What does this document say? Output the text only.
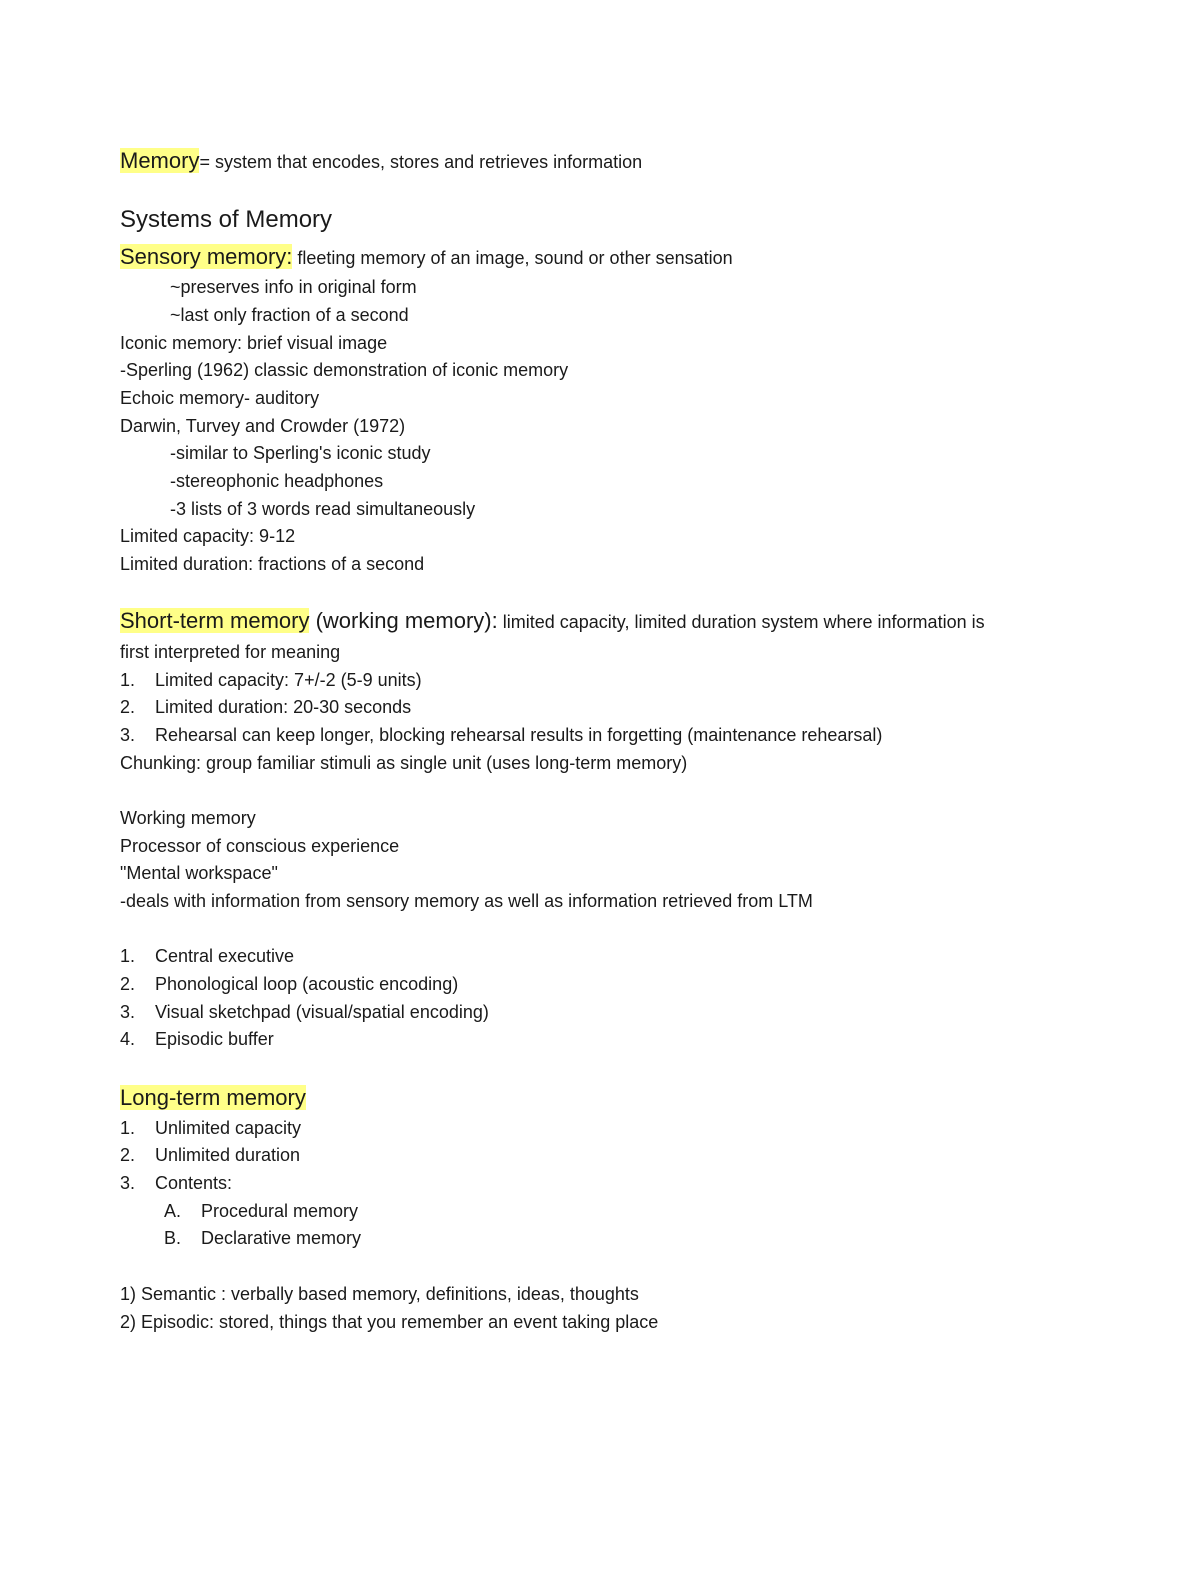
Memory= system that encodes, stores and retrieves information
Systems of Memory
Sensory memory: fleeting memory of an image, sound or other sensation
~preserves info in original form
~last only fraction of a second
Iconic memory: brief visual image
-Sperling (1962) classic demonstration of iconic memory
Echoic memory- auditory
Darwin, Turvey and Crowder (1972)
-similar to Sperling's iconic study
-stereophonic headphones
-3 lists of 3 words read simultaneously
Limited capacity: 9-12
Limited duration: fractions of a second
Short-term memory (working memory): limited capacity, limited duration system where information is
first interpreted for meaning
1. Limited capacity: 7+/-2 (5-9 units)
2. Limited duration: 20-30 seconds
3. Rehearsal can keep longer, blocking rehearsal results in forgetting (maintenance rehearsal)
Chunking: group familiar stimuli as single unit (uses long-term memory)
Working memory
Processor of conscious experience
"Mental workspace"
-deals with information from sensory memory as well as information retrieved from LTM
1. Central executive
2. Phonological loop (acoustic encoding)
3. Visual sketchpad (visual/spatial encoding)
4. Episodic buffer
Long-term memory
1. Unlimited capacity
2. Unlimited duration
3. Contents:
A. Procedural memory
B. Declarative memory
1) Semantic : verbally based memory, definitions, ideas, thoughts
2) Episodic: stored, things that you remember an event taking place
